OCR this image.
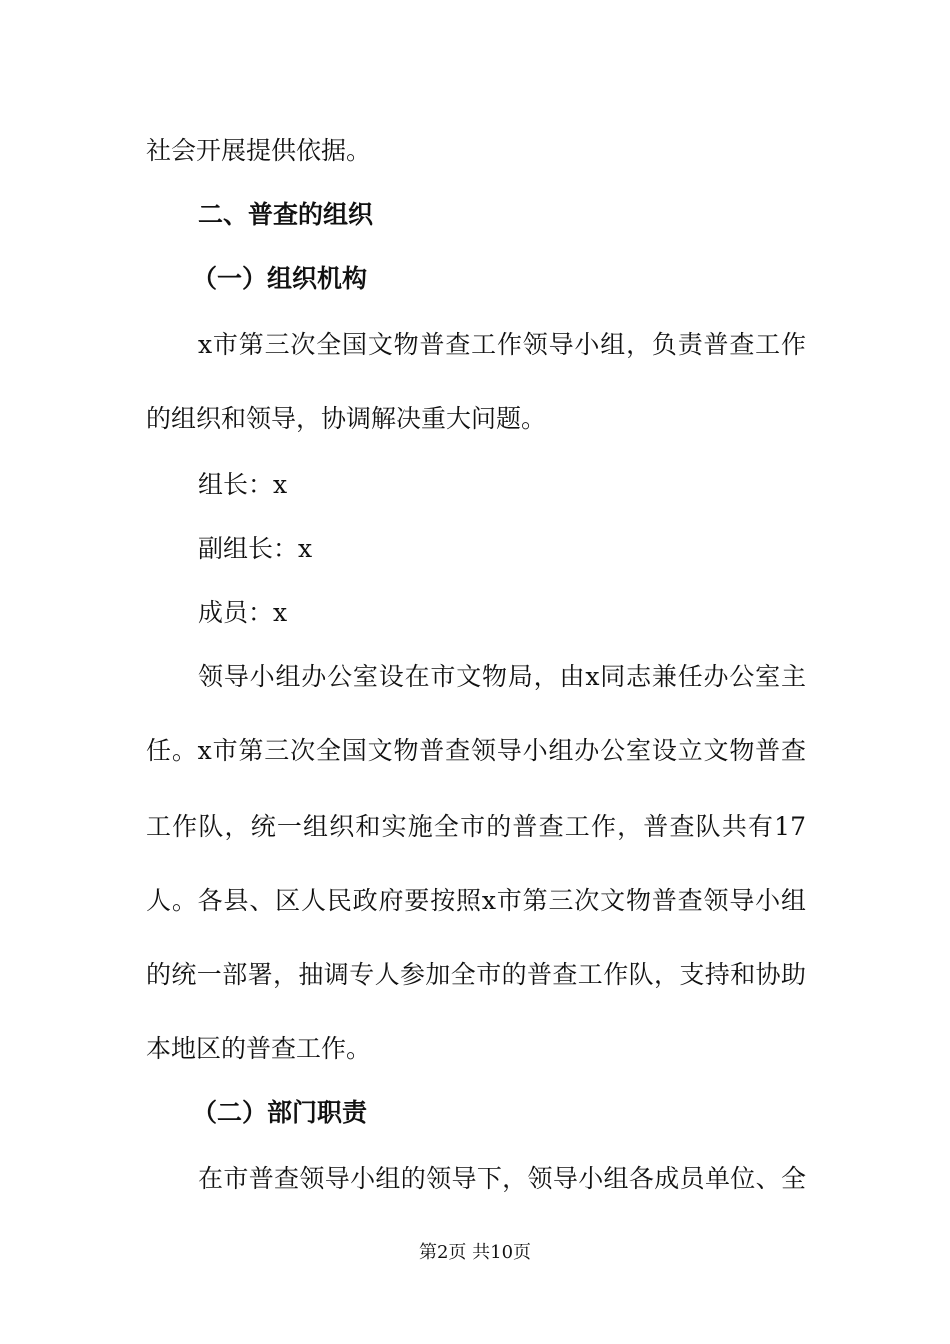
社会开展提供依据。
二、普查的组织
（一）组织机构
x市第三次全国文物普查工作领导小组，负责普查工作
的组织和领导，协调解决重大问题。
组长：x
副组长：x
成员：x
领导小组办公室设在市文物局，由x同志兼任办公室主
任。x市第三次全国文物普查领导小组办公室设立文物普查
工作队，统一组织和实施全市的普查工作，普查队共有17
人。各县、区人民政府要按照x市第三次文物普查领导小组
的统一部署，抽调专人参加全市的普查工作队，支持和协助
本地区的普查工作。
（二）部门职责
在市普查领导小组的领导下，领导小组各成员单位、全
第2页 共10页
